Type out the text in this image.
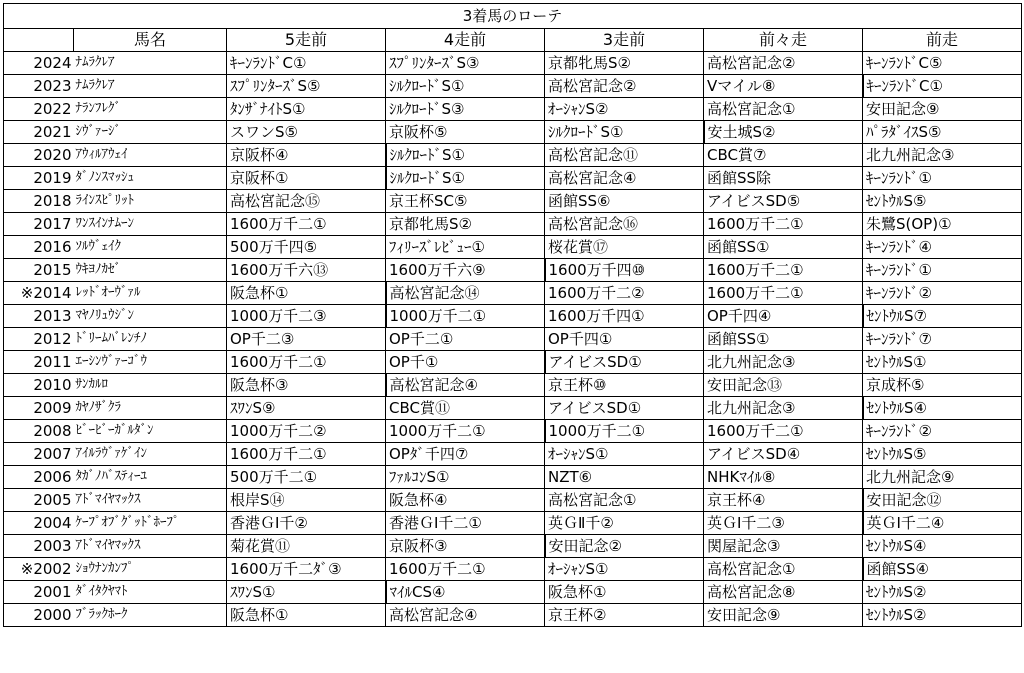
3着馬のローテ						
	馬名	5走前	4走前	3走前	前々走	前走
2024	ﾅﾑﾗｸﾚｱ	ｷｰﾝﾗﾝﾄﾞC①	ｽﾌﾟﾘﾝﾀｰｽﾞS③	京都牝馬S②	高松宮記念②	ｷｰﾝﾗﾝﾄﾞC⑤
2023	ﾅﾑﾗｸﾚｱ	ｽﾌﾟﾘﾝﾀｰｽﾞS⑤	ｼﾙｸﾛｰﾄﾞS①	高松宮記念②	Vマイル⑧	ｷｰﾝﾗﾝﾄﾞC①
2022	ﾅﾗﾝﾌﾚｸﾞ	ﾀﾝｻﾞﾅｲﾄS①	ｼﾙｸﾛｰﾄﾞS③	ｵｰｼｬﾝS②	高松宮記念①	安田記念⑨
2021	ｼｳﾞｧｰｼﾞ	スワンS⑤	京阪杯⑤	ｼﾙｸﾛｰﾄﾞS①	安土城S②	ﾊﾟﾗﾀﾞｲｽS⑤
2020	ｱｳｨﾙｱｳｪｲ	京阪杯④	ｼﾙｸﾛｰﾄﾞS①	高松宮記念⑪	CBC賞⑦	北九州記念③
2019	ﾀﾞﾉﾝｽﾏｯｼｭ	京阪杯①	ｼﾙｸﾛｰﾄﾞS①	高松宮記念④	函館SS除	ｷｰﾝﾗﾝﾄﾞ①
2018	ﾗｲﾝｽﾋﾟﾘｯﾄ	高松宮記念⑮	京王杯SC⑤	函館SS⑥	アイビスSD⑤	ｾﾝﾄｳﾙS⑤
2017	ﾜﾝｽｲﾝﾅﾑｰﾝ	1600万千二①	京都牝馬S②	高松宮記念⑯	1600万千二①	朱鷺S(OP)①
2016	ｿﾙｳﾞｪｲｸ	500万千四⑤	ﾌｨﾘｰｽﾞﾚﾋﾞｭｰ①	桜花賞⑰	函館SS①	ｷｰﾝﾗﾝﾄﾞ④
2015	ｳｷﾖﾉｶｾﾞ	1600万千六⑬	1600万千六⑨	1600万千四⑩	1600万千二①	ｷｰﾝﾗﾝﾄﾞ①
※2014	ﾚｯﾄﾞｵｰｳﾞｧﾙ	阪急杯①	高松宮記念⑭	1600万千二②	1600万千二①	ｷｰﾝﾗﾝﾄﾞ②
2013	ﾏﾔﾉﾘｭｳｼﾞﾝ	1000万千二③	1000万千二①	1600万千四①	OP千四④	ｾﾝﾄｳﾙS⑦
2012	ﾄﾞﾘｰﾑﾊﾞﾚﾝﾁﾉ	OP千二③	OP千二①	OP千四①	函館SS①	ｷｰﾝﾗﾝﾄﾞ⑦
2011	ｴｰｼﾝｳﾞｧｰｺﾞｳ	1600万千二①	OP千①	アイビスSD①	北九州記念③	ｾﾝﾄｳﾙS①
2010	ｻﾝｶﾙﾛ	阪急杯③	高松宮記念④	京王杯⑩	安田記念⑬	京成杯⑤
2009	ｶﾔﾉｻﾞｸﾗ	ｽﾜﾝS⑨	CBC賞⑪	アイビスSD①	北九州記念③	ｾﾝﾄｳﾙS④
2008	ﾋﾞｰﾋﾞｰｶﾞﾙﾀﾞﾝ	1000万千二②	1000万千二①	1000万千二①	1600万千二①	ｷｰﾝﾗﾝﾄﾞ②
2007	ｱｲﾙﾗｳﾞｧｹﾞｲﾝ	1600万千二①	OPﾀﾞ千四⑦	ｵｰｼｬﾝS①	アイビスSD④	ｾﾝﾄｳﾙS⑤
2006	ﾀｶﾞﾉﾊﾞｽﾃｨｰﾕ	500万千二①	ﾌｧﾙｺﾝS①	NZT⑥	NHKﾏｲﾙ⑧	北九州記念⑨
2005	ｱﾄﾞﾏｲﾔﾏｯｸｽ	根岸S⑭	阪急杯④	高松宮記念①	京王杯④	安田記念⑫
2004	ｹｰﾌﾟｵﾌﾞｸﾞｯﾄﾞﾎｰﾌﾟ	香港ＧⅠ千②	香港ＧⅠ千二①	英ＧⅡ千②	英ＧⅠ千二③	英ＧⅠ千二④
2003	ｱﾄﾞﾏｲﾔﾏｯｸｽ	菊花賞⑪	京阪杯③	安田記念②	関屋記念③	ｾﾝﾄｳﾙS④
※2002	ｼｮｳﾅﾝｶﾝﾌﾟ	1600万千二ﾀﾞ③	1600万千二①	ｵｰｼｬﾝS①	高松宮記念①	函館SS④
2001	ﾀﾞｲﾀｸﾔﾏﾄ	ｽﾜﾝS①	ﾏｲﾙCS④	阪急杯①	高松宮記念⑧	ｾﾝﾄｳﾙS②
2000	ﾌﾞﾗｯｸﾎｰｸ	阪急杯①	高松宮記念④	京王杯②	安田記念⑨	ｾﾝﾄｳﾙS②
